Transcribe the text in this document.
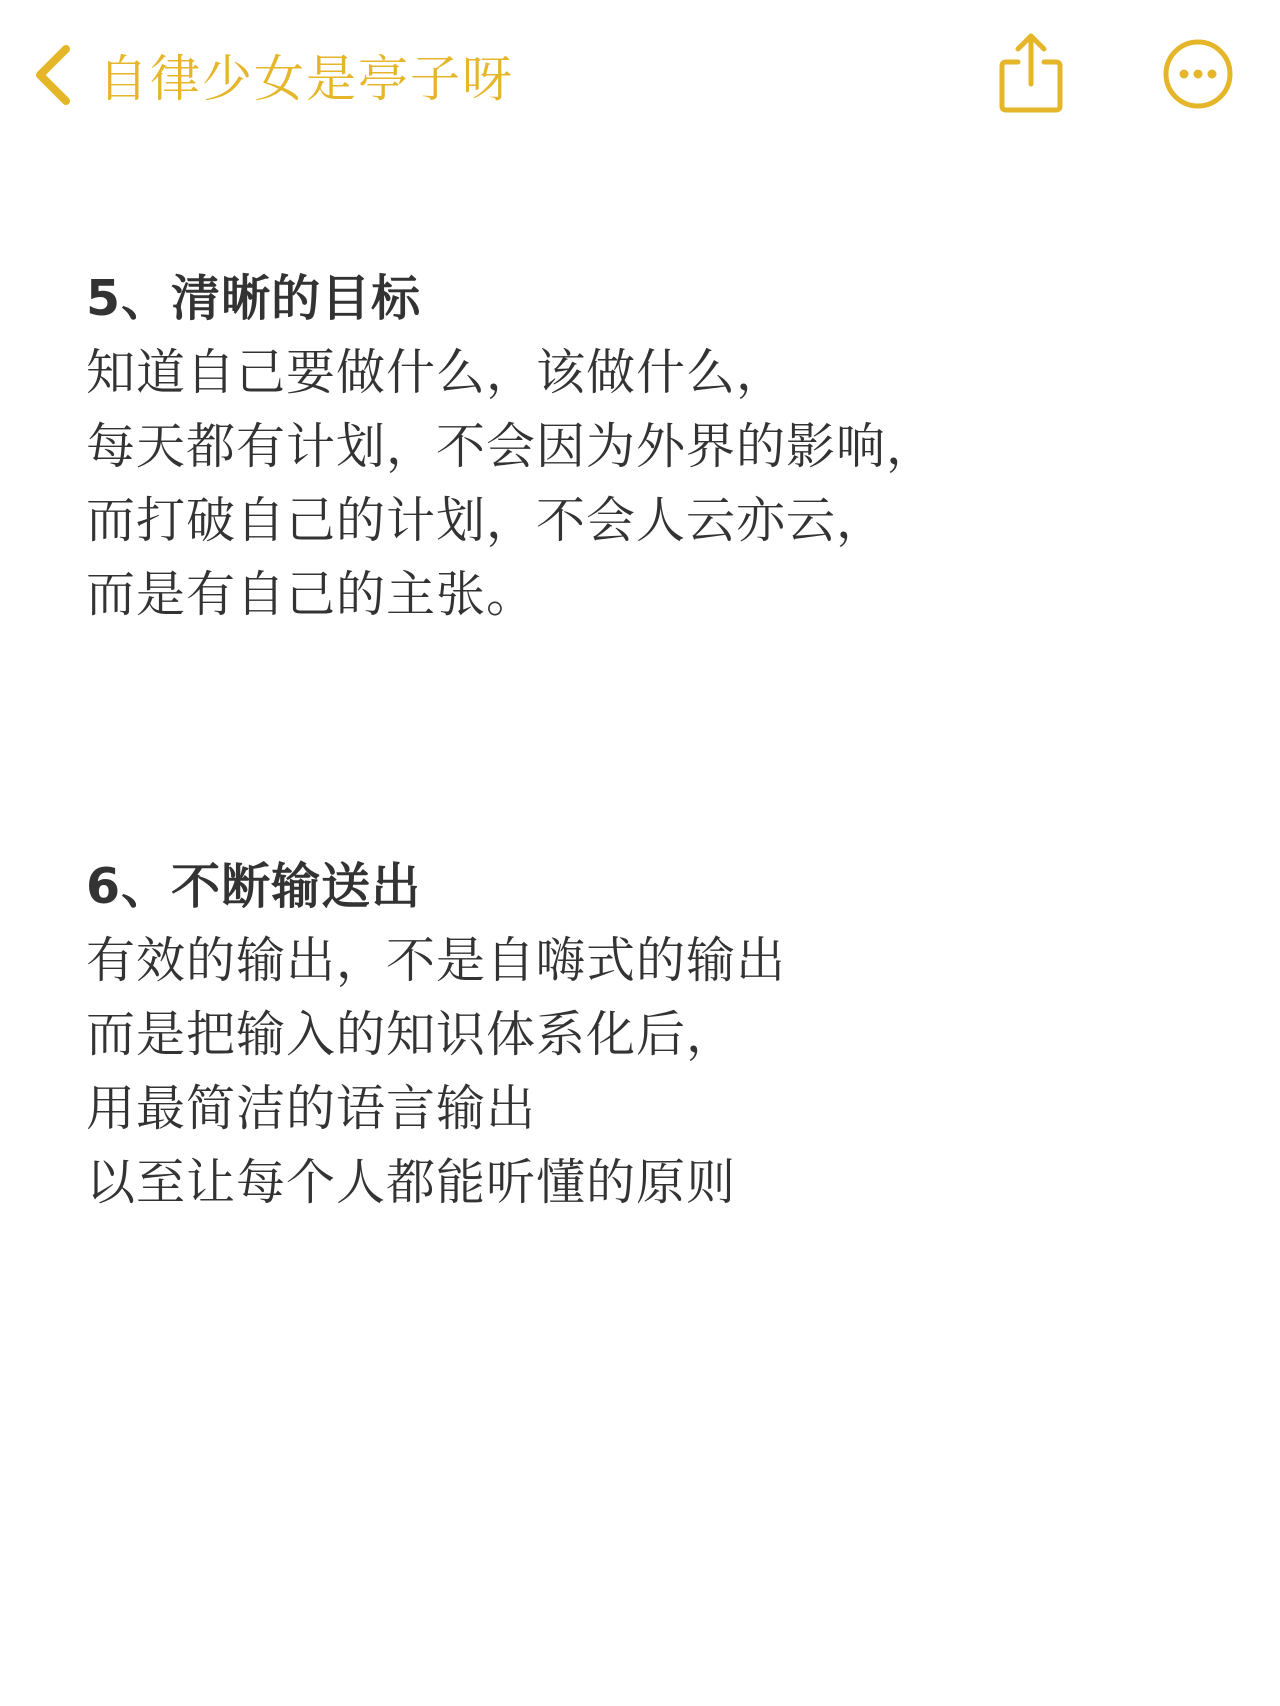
自律少女是亭子呀
5、清晰的目标
知道自己要做什么，该做什么，
每天都有计划，不会因为外界的影响，
而打破自己的计划，不会人云亦云，
而是有自己的主张。
6、不断输送出
有效的输出，不是自嗨式的输出
而是把输入的知识体系化后，
用最简洁的语言输出
以至让每个人都能听懂的原则
